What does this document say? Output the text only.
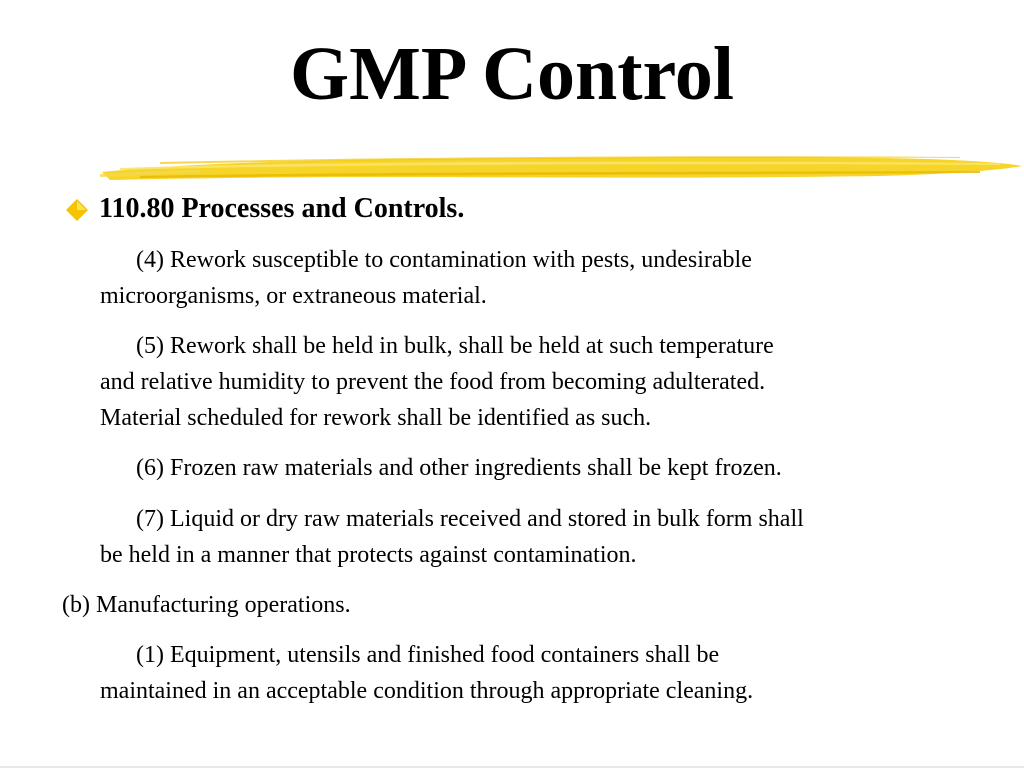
GMP Control
110.80 Processes and Controls.
(4) Rework susceptible to contamination with pests, undesirable
microorganisms, or extraneous material.
(5) Rework shall be held in bulk, shall be held at such temperature
and relative humidity to prevent the food from becoming adulterated.
Material scheduled for rework shall be identified as such.
(6) Frozen raw materials and other ingredients shall be kept frozen.
(7) Liquid or dry raw materials received and stored in bulk form shall
be held in a manner that protects against contamination.
(b) Manufacturing operations.
(1) Equipment, utensils and finished food containers shall be
maintained in an acceptable condition through appropriate cleaning.
